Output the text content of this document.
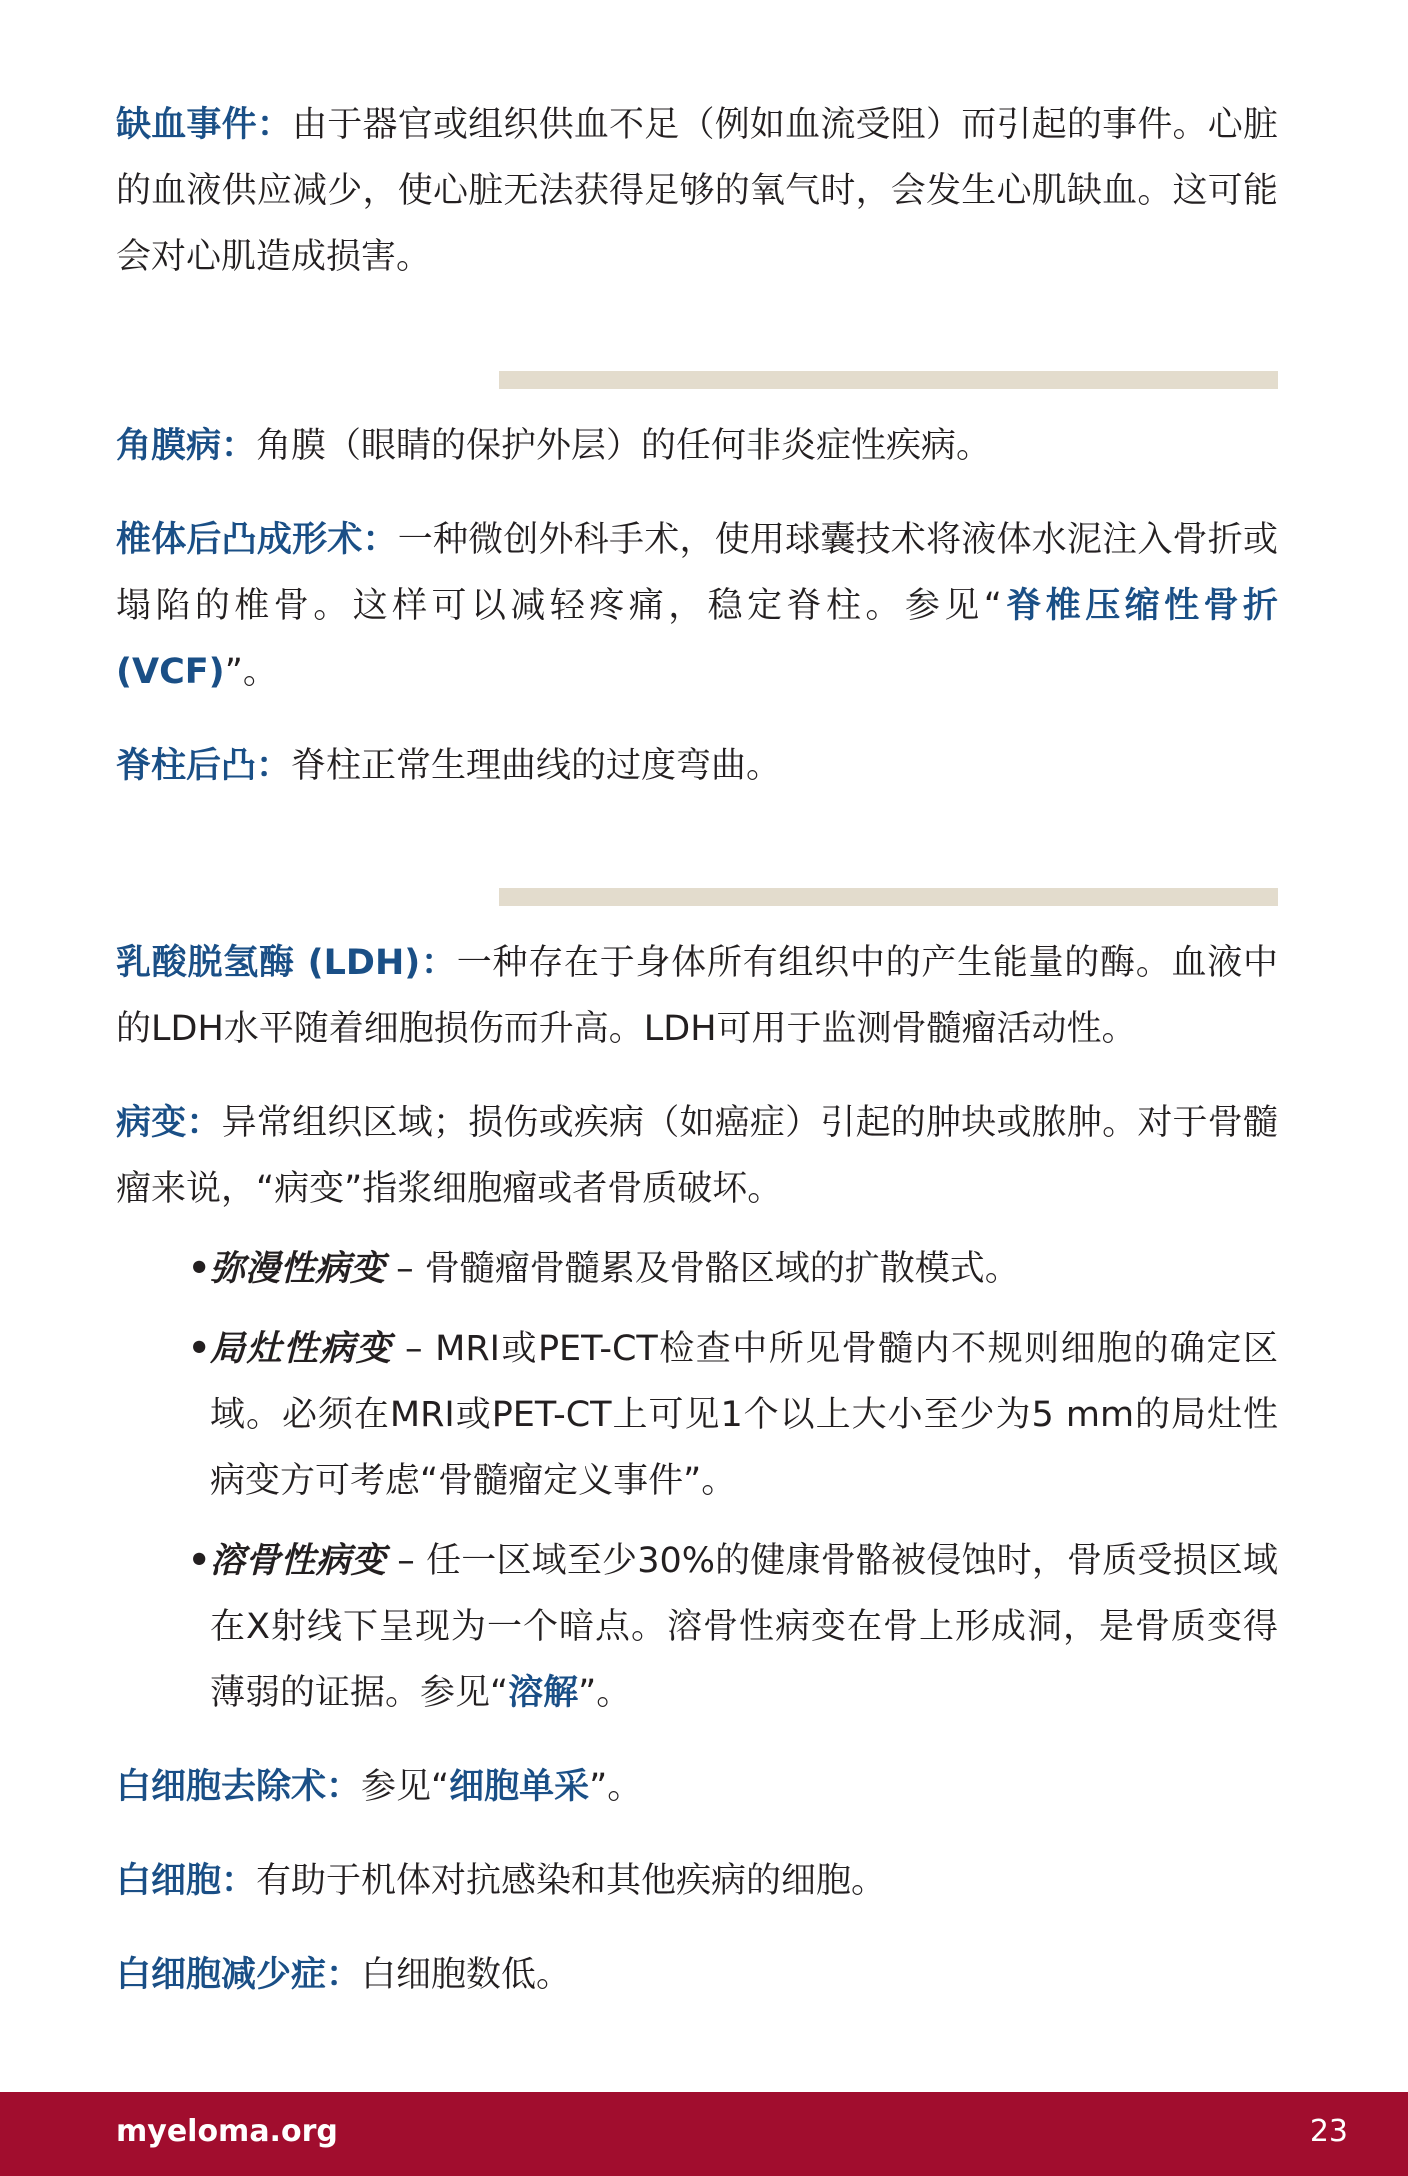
缺血事件：由于器官或组织供血不足（例如血流受阻）而引起的事件。心脏的血液供应减少，使心脏无法获得足够的氧气时，会发生心肌缺血。这可能会对心肌造成损害。

角膜病：角膜（眼睛的保护外层）的任何非炎症性疾病。

椎体后凸成形术：一种微创外科手术，使用球囊技术将液体水泥注入骨折或塌陷的椎骨。这样可以减轻疼痛，稳定脊柱。参见“脊椎压缩性骨折 (VCF)”。

脊柱后凸：脊柱正常生理曲线的过度弯曲。

乳酸脱氢酶 (LDH)：一种存在于身体所有组织中的产生能量的酶。血液中的LDH水平随着细胞损伤而升高。LDH可用于监测骨髓瘤活动性。

病变：异常组织区域；损伤或疾病（如癌症）引起的肿块或脓肿。对于骨髓瘤来说，“病变”指浆细胞瘤或者骨质破坏。

• 弥漫性病变 – 骨髓瘤骨髓累及骨骼区域的扩散模式。

• 局灶性病变 – MRI或PET-CT检查中所见骨髓内不规则细胞的确定区域。必须在MRI或PET-CT上可见1个以上大小至少为5 mm的局灶性病变方可考虑“骨髓瘤定义事件”。

• 溶骨性病变 – 任一区域至少30%的健康骨骼被侵蚀时，骨质受损区域在X射线下呈现为一个暗点。溶骨性病变在骨上形成洞，是骨质变得薄弱的证据。参见“溶解”。

白细胞去除术：参见“细胞单采”。

白细胞：有助于机体对抗感染和其他疾病的细胞。

白细胞减少症：白细胞数低。

myeloma.org	23
